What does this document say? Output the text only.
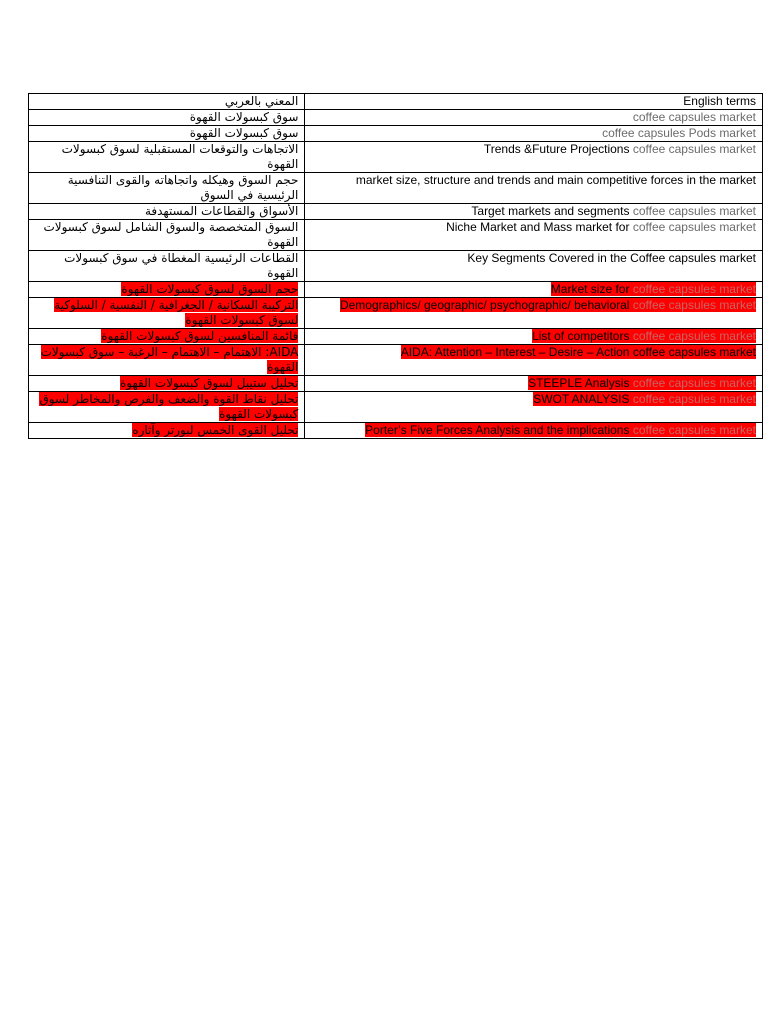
المعني بالعربي	English terms
سوق كبسولات القهوة	coffee capsules market
سوق كبسولات القهوة	coffee capsules Pods market
الاتجاهات والتوقعات المستقبلية لسوق كبسولات القهوة	Trends &Future Projections coffee capsules market
حجم السوق وهيكله واتجاهاته والقوى التنافسية الرئيسية في السوق	market size, structure and trends and main competitive forces in the market
الأسواق والقطاعات المستهدفة	Target markets and segments coffee capsules market
السوق المتخصصة والسوق الشامل لسوق كبسولات القهوة	Niche Market and Mass market for coffee capsules market
القطاعات الرئيسية المغطاة في سوق كبسولات القهوة	Key Segments Covered in the Coffee capsules market
حجم السوق لسوق كبسولات القهوة	Market size for coffee capsules market
التركيبة السكانية / الجغرافية / النفسية / السلوكية لسوق كبسولات القهوة	Demographics/ geographic/ psychographic/ behavioral coffee capsules market
قائمة المنافسين لسوق كبسولات القهوة	List of competitors coffee capsules market
AIDA: الاهتمام – الاهتمام – الرغبة – سوق كبسولات القهوة	AIDA: Attention – Interest – Desire – Action coffee capsules market
تحليل ستيبل لسوق كبسولات القهوة	STEEPLE Analysis coffee capsules market
تحليل نقاط القوة والضعف والفرص والمخاطر لسوق كبسولات القهوة	SWOT ANALYSIS coffee capsules market
تحليل القوى الخمس لبورتر وآثاره	Porter’s Five Forces Analysis and the implications coffee capsules market
